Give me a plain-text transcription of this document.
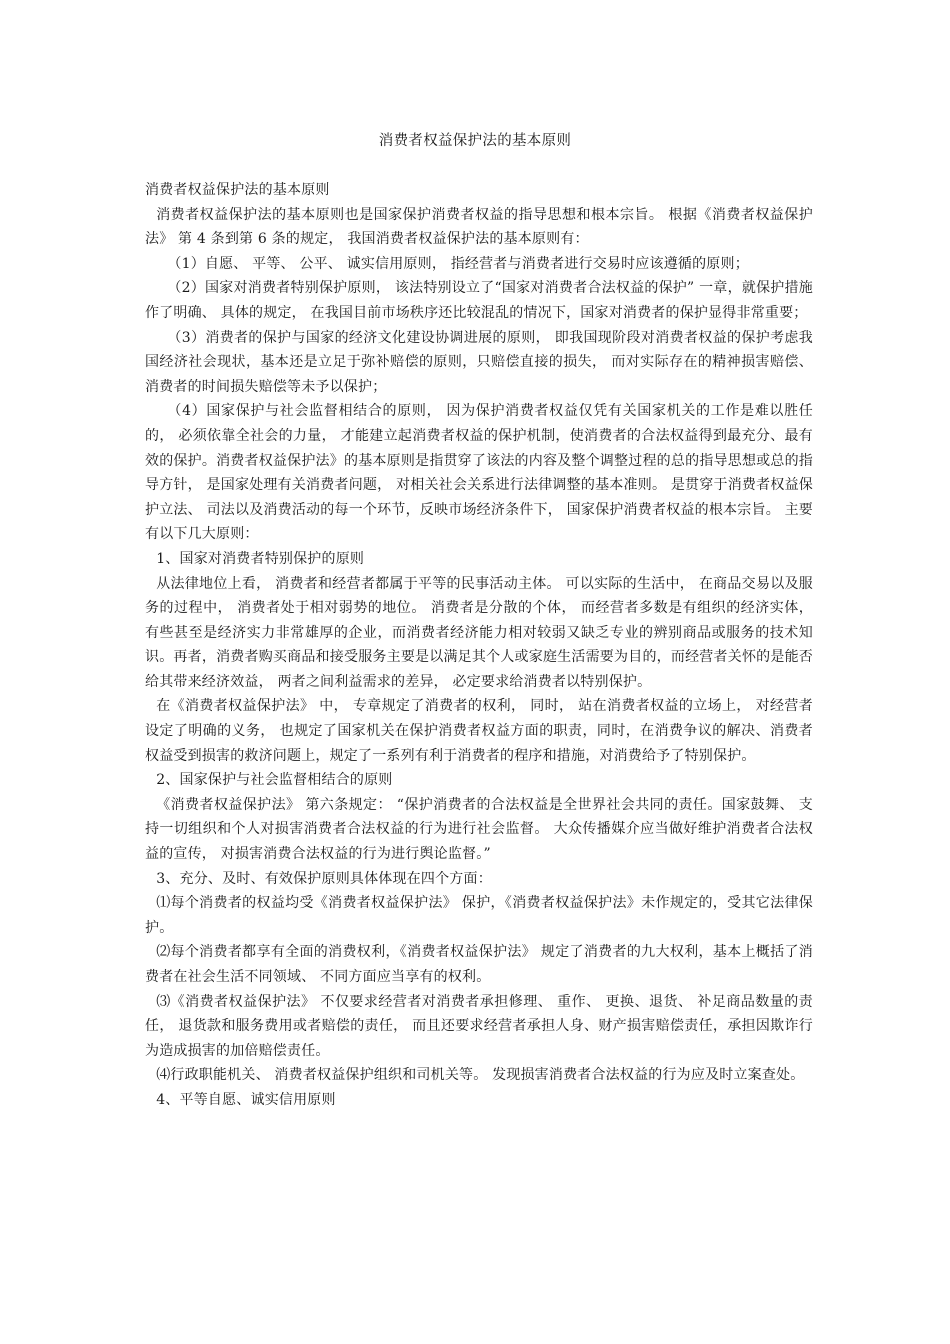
消费者权益保护法的基本原则

消费者权益保护法的基本原则

消费者权益保护法的基本原则也是国家保护消费者权益的指导思想和根本宗旨。 根据《消费者权益保护法》 第 4 条到第 6 条的规定， 我国消费者权益保护法的基本原则有：

（1）自愿、 平等、 公平、 诚实信用原则， 指经营者与消费者进行交易时应该遵循的原则；

（2）国家对消费者特别保护原则， 该法特别设立了“国家对消费者合法权益的保护” 一章，就保护措施作了明确、 具体的规定， 在我国目前市场秩序还比较混乱的情况下，国家对消费者的保护显得非常重要；

（3）消费者的保护与国家的经济文化建设协调进展的原则， 即我国现阶段对消费者权益的保护考虑我国经济社会现状，基本还是立足于弥补赔偿的原则，只赔偿直接的损失， 而对实际存在的精神损害赔偿、 消费者的时间损失赔偿等未予以保护；

（4）国家保护与社会监督相结合的原则， 因为保护消费者权益仅凭有关国家机关的工作是难以胜任的， 必须依靠全社会的力量， 才能建立起消费者权益的保护机制，使消费者的合法权益得到最充分、最有效的保护。消费者权益保护法》的基本原则是指贯穿了该法的内容及整个调整过程的总的指导思想或总的指导方针， 是国家处理有关消费者问题， 对相关社会关系进行法律调整的基本准则。 是贯穿于消费者权益保护立法、 司法以及消费活动的每一个环节，反映市场经济条件下， 国家保护消费者权益的根本宗旨。 主要有以下几大原则：

1、国家对消费者特别保护的原则

从法律地位上看， 消费者和经营者都属于平等的民事活动主体。 可以实际的生活中， 在商品交易以及服务的过程中， 消费者处于相对弱势的地位。 消费者是分散的个体， 而经营者多数是有组织的经济实体， 有些甚至是经济实力非常雄厚的企业，而消费者经济能力相对较弱又缺乏专业的辨别商品或服务的技术知识。再者，消费者购买商品和接受服务主要是以满足其个人或家庭生活需要为目的，而经营者关怀的是能否给其带来经济效益， 两者之间利益需求的差异， 必定要求给消费者以特别保护。

在《消费者权益保护法》 中， 专章规定了消费者的权利， 同时， 站在消费者权益的立场上， 对经营者设定了明确的义务， 也规定了国家机关在保护消费者权益方面的职责，同时，在消费争议的解决、消费者权益受到损害的救济问题上，规定了一系列有利于消费者的程序和措施，对消费给予了特别保护。

2、国家保护与社会监督相结合的原则

《消费者权益保护法》 第六条规定： “保护消费者的合法权益是全世界社会共同的责任。国家鼓舞、 支持一切组织和个人对损害消费者合法权益的行为进行社会监督。 大众传播媒介应当做好维护消费者合法权益的宣传， 对损害消费合法权益的行为进行舆论监督。”

3、充分、及时、有效保护原则具体体现在四个方面：

⑴每个消费者的权益均受《消费者权益保护法》 保护，《消费者权益保护法》未作规定的，受其它法律保护。

⑵每个消费者都享有全面的消费权利，《消费者权益保护法》 规定了消费者的九大权利，基本上概括了消费者在社会生活不同领域、 不同方面应当享有的权利。

⑶《消费者权益保护法》 不仅要求经营者对消费者承担修理、 重作、 更换、退货、 补足商品数量的责任， 退货款和服务费用或者赔偿的责任， 而且还要求经营者承担人身、财产损害赔偿责任，承担因欺诈行为造成损害的加倍赔偿责任。

⑷行政职能机关、 消费者权益保护组织和司机关等。 发现损害消费者合法权益的行为应及时立案查处。

4、平等自愿、诚实信用原则
